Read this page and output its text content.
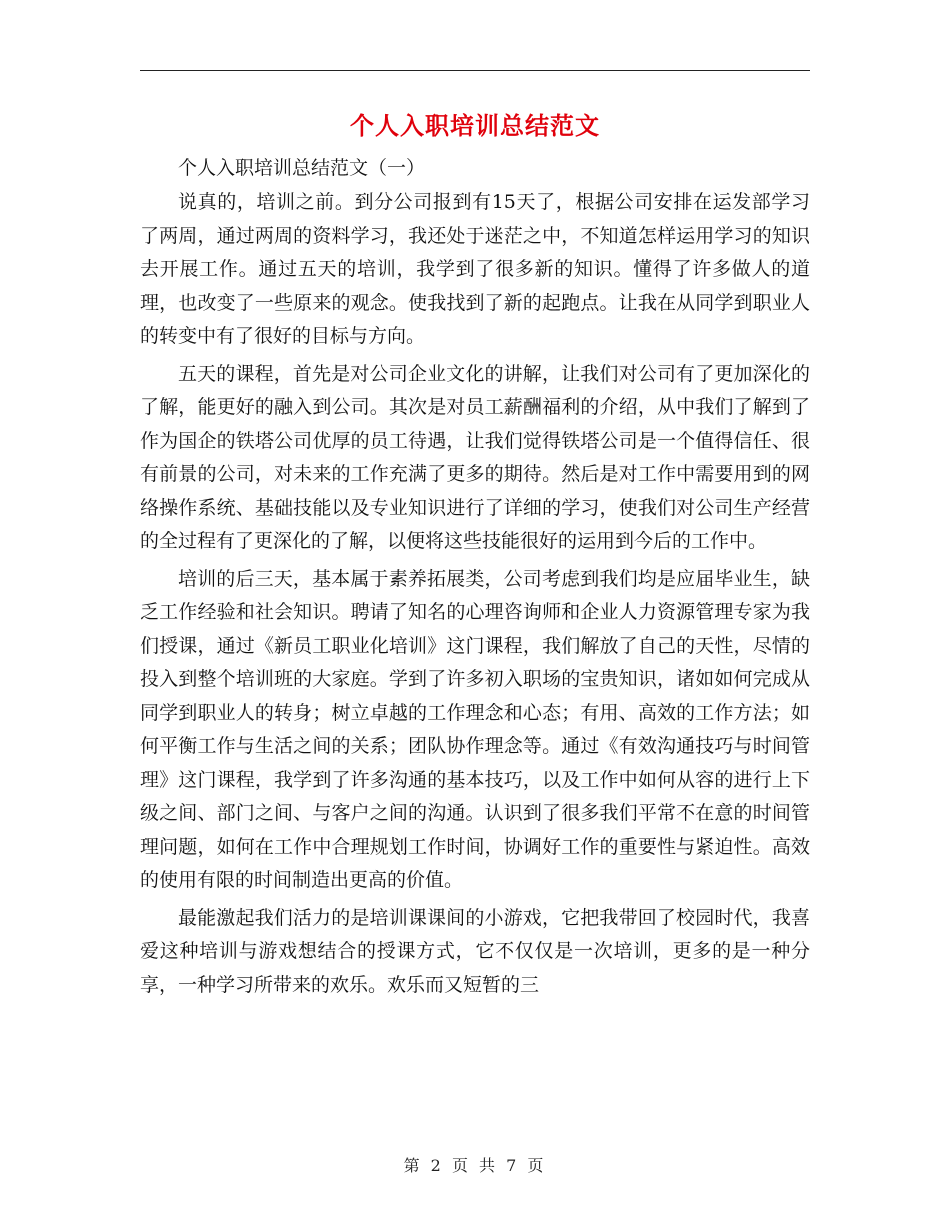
个人入职培训总结范文

个人入职培训总结范文（一）

说真的，培训之前。到分公司报到有15天了，根据公司安排在运发部学习了两周，通过两周的资料学习，我还处于迷茫之中，不知道怎样运用学习的知识去开展工作。通过五天的培训，我学到了很多新的知识。懂得了许多做人的道理，也改变了一些原来的观念。使我找到了新的起跑点。让我在从同学到职业人的转变中有了很好的目标与方向。

五天的课程，首先是对公司企业文化的讲解，让我们对公司有了更加深化的了解，能更好的融入到公司。其次是对员工薪酬福利的介绍，从中我们了解到了作为国企的铁塔公司优厚的员工待遇，让我们觉得铁塔公司是一个值得信任、很有前景的公司，对未来的工作充满了更多的期待。然后是对工作中需要用到的网络操作系统、基础技能以及专业知识进行了详细的学习，使我们对公司生产经营的全过程有了更深化的了解，以便将这些技能很好的运用到今后的工作中。

培训的后三天，基本属于素养拓展类，公司考虑到我们均是应届毕业生，缺乏工作经验和社会知识。聘请了知名的心理咨询师和企业人力资源管理专家为我们授课，通过《新员工职业化培训》这门课程，我们解放了自己的天性，尽情的投入到整个培训班的大家庭。学到了许多初入职场的宝贵知识，诸如如何完成从同学到职业人的转身；树立卓越的工作理念和心态；有用、高效的工作方法；如何平衡工作与生活之间的关系；团队协作理念等。通过《有效沟通技巧与时间管理》这门课程，我学到了许多沟通的基本技巧，以及工作中如何从容的进行上下级之间、部门之间、与客户之间的沟通。认识到了很多我们平常不在意的时间管理问题，如何在工作中合理规划工作时间，协调好工作的重要性与紧迫性。高效的使用有限的时间制造出更高的价值。

最能激起我们活力的是培训课课间的小游戏，它把我带回了校园时代，我喜爱这种培训与游戏想结合的授课方式，它不仅仅是一次培训，更多的是一种分享，一种学习所带来的欢乐。欢乐而又短暂的三

第 2 页 共 7 页
